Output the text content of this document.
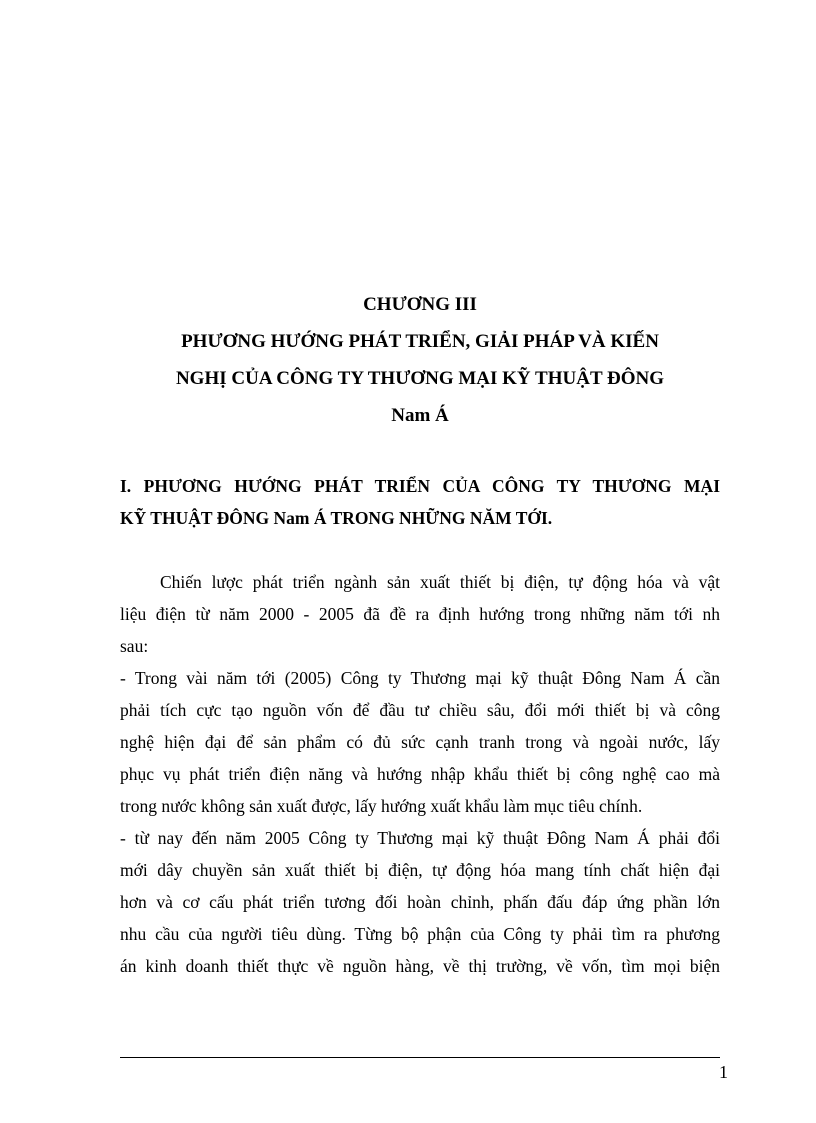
CHƯƠNG III
PHƯƠNG HƯỚNG PHÁT TRIỂN, GIẢI PHÁP VÀ KIẾN
NGHỊ CỦA CÔNG TY THƯƠNG MẠI KỸ THUẬT ĐÔNG
Nam Á
I. PHƯƠNG HƯỚNG PHÁT TRIỂN CỦA CÔNG TY THƯƠNG MẠI
KỸ THUẬT ĐÔNG Nam Á TRONG NHỮNG NĂM TỚI.
Chiến lược phát triển ngành sản xuất thiết bị điện, tự động hóa và vật
liệu điện từ năm 2000 - 2005 đã đề ra định hướng trong những năm tới nh
sau:
- Trong vài năm tới (2005) Công ty Thương mại kỹ thuật Đông Nam Á cần
phải tích cực tạo nguồn vốn để đầu tư chiều sâu, đổi mới thiết bị và công
nghệ hiện đại để sản phẩm có đủ sức cạnh tranh trong và ngoài nước, lấy
phục vụ phát triển điện năng và hướng nhập khẩu thiết bị công nghệ cao mà
trong nước không sản xuất được, lấy hướng xuất khẩu làm mục tiêu chính.
- từ nay đến năm 2005 Công ty Thương mại kỹ thuật Đông Nam Á phải đổi
mới dây chuyền sản xuất thiết bị điện, tự động hóa mang tính chất hiện đại
hơn và cơ cấu phát triển tương đối hoàn chỉnh, phấn đấu đáp ứng phần lớn
nhu cầu của người tiêu dùng. Từng bộ phận của Công ty phải tìm ra phương
án kinh doanh thiết thực về nguồn hàng, về thị trường, về vốn, tìm mọi biện
1
